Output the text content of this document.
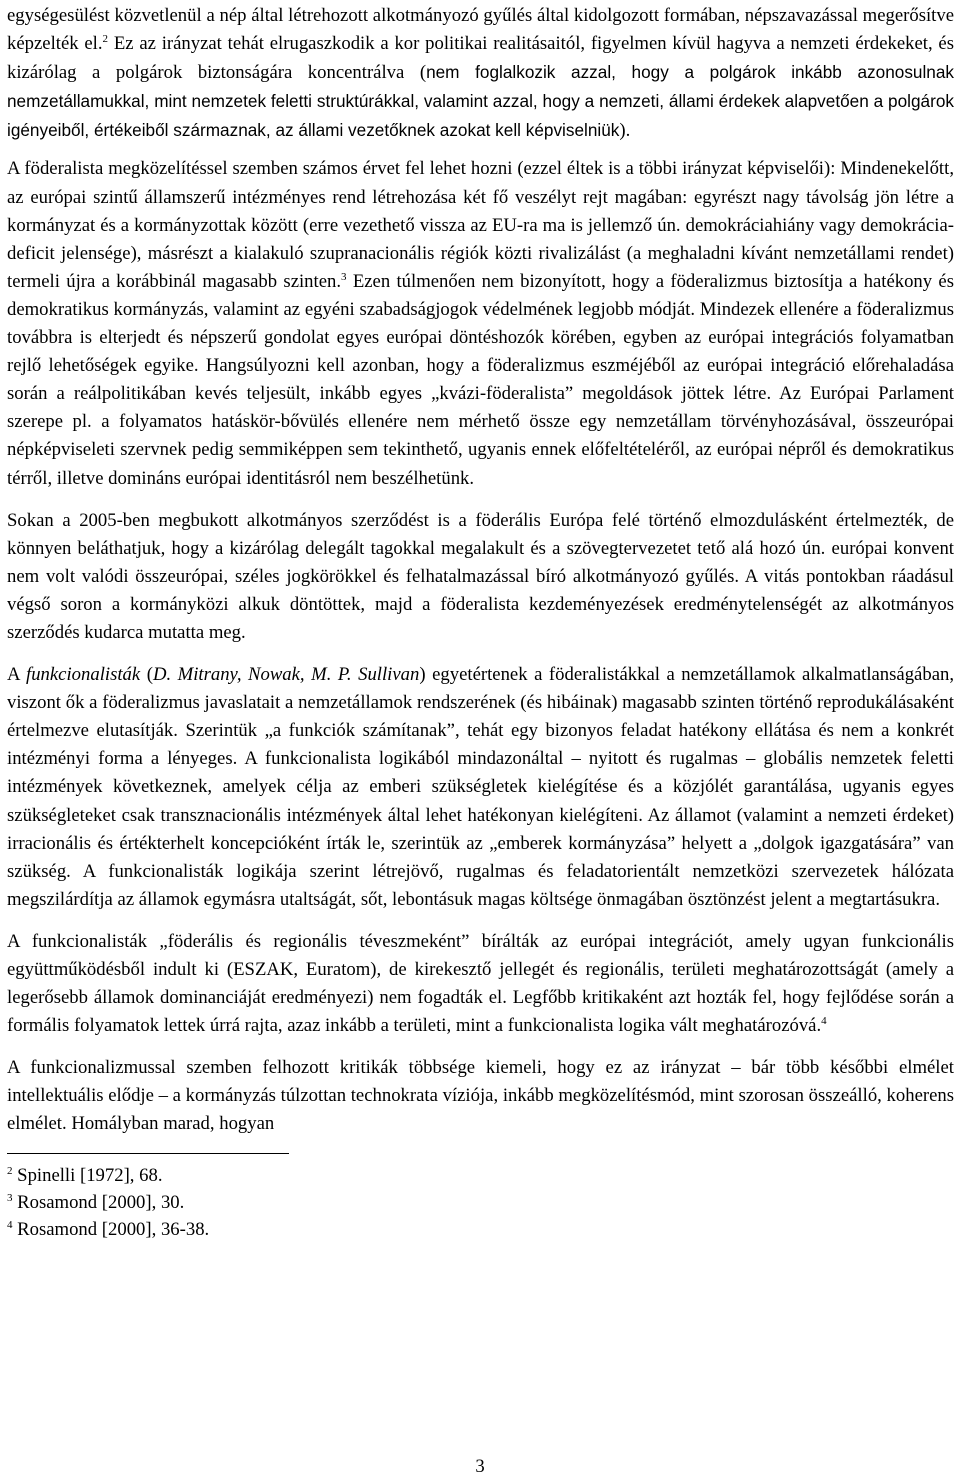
egységesülést közvetlenül a nép által létrehozott alkotmányozó gyűlés által kidolgozott formában, népszavazással megerősítve képzelték el.$^2$ Ez az irányzat tehát elrugaszkodik a kor politikai realitásaitól, figyelmen kívül hagyva a nemzeti érdekeket, és kizárólag a polgárok biztonságára koncentrálva (nem foglalkozik azzal, hogy a polgárok inkább azonosulnak nemzetállamukkal, mint nemzetek feletti struktúrákkal, valamint azzal, hogy a nemzeti, állami érdekek alapvetően a polgárok igényeiből, értékeiből származnak, az állami vezetőknek azokat kell képviselniük).

A föderalista megközelítéssel szemben számos érvet fel lehet hozni (ezzel éltek is a többi irányzat képviselői): Mindenekelőtt, az európai szintű államszerű intézményes rend létrehozása két fő veszélyt rejt magában: egyrészt nagy távolság jön létre a kormányzat és a kormányzottak között (erre vezethető vissza az EU-ra ma is jellemző ún. demokráciahiány vagy demokrácia-deficit jelensége), másrészt a kialakuló szupranacionális régiók közti rivalizálást (a meghaladni kívánt nemzetállami rendet) termeli újra a korábbinál magasabb szinten.$^3$ Ezen túlmenően nem bizonyított, hogy a föderalizmus biztosítja a hatékony és demokratikus kormányzás, valamint az egyéni szabadságjogok védelmének legjobb módját. Mindezek ellenére a föderalizmus továbbra is elterjedt és népszerű gondolat egyes európai döntéshozók körében, egyben az európai integrációs folyamatban rejlő lehetőségek egyike. Hangsúlyozni kell azonban, hogy a föderalizmus eszméjéből az európai integráció előrehaladása során a reálpolitikában kevés teljesült, inkább egyes „kvázi-föderalista” megoldások jöttek létre. Az Európai Parlament szerepe pl. a folyamatos hatáskör-bővülés ellenére nem mérhető össze egy nemzetállam törvényhozásával, összeurópai népképviseleti szervnek pedig semmiképpen sem tekinthető, ugyanis ennek előfeltételéről, az európai népről és demokratikus térről, illetve domináns európai identitásról nem beszélhetünk.

Sokan a 2005-ben megbukott alkotmányos szerződést is a föderális Európa felé történő elmozdulásként értelmezték, de könnyen beláthatjuk, hogy a kizárólag delegált tagokkal megalakult és a szövegtervezetet tető alá hozó ún. európai konvent nem volt valódi összeurópai, széles jogkörökkel és felhatalmazással bíró alkotmányozó gyűlés. A vitás pontokban ráadásul végső soron a kormányközi alkuk döntöttek, majd a föderalista kezdeményezések eredménytelenségét az alkotmányos szerződés kudarca mutatta meg.

A funkcionalisták (D. Mitrany, Nowak, M. P. Sullivan) egyetértenek a föderalistákkal a nemzetállamok alkalmatlanságában, viszont ők a föderalizmus javaslatait a nemzetállamok rendszerének (és hibáinak) magasabb szinten történő reprodukálásaként értelmezve elutasítják. Szerintük „a funkciók számítanak”, tehát egy bizonyos feladat hatékony ellátása és nem a konkrét intézményi forma a lényeges. A funkcionalista logikából mindazonáltal – nyitott és rugalmas – globális nemzetek feletti intézmények következnek, amelyek célja az emberi szükségletek kielégítése és a közjólét garantálása, ugyanis egyes szükségleteket csak transznacionális intézmények által lehet hatékonyan kielégíteni. Az államot (valamint a nemzeti érdeket) irracionális és értékterhelt koncepcióként írták le, szerintük az „emberek kormányzása” helyett a „dolgok igazgatására” van szükség. A funkcionalisták logikája szerint létrejövő, rugalmas és feladatorientált nemzetközi szervezetek hálózata megszilárdítja az államok egymásra utaltságát, sőt, lebontásuk magas költsége önmagában ösztönzést jelent a megtartásukra.

A funkcionalisták „föderális és regionális téveszmeként” bírálták az európai integrációt, amely ugyan funkcionális együttműködésből indult ki (ESZAK, Euratom), de kirekesztő jellegét és regionális, területi meghatározottságát (amely a legerősebb államok dominanciáját eredményezi) nem fogadták el. Legfőbb kritikaként azt hozták fel, hogy fejlődése során a formális folyamatok lettek úrrá rajta, azaz inkább a területi, mint a funkcionalista logika vált meghatározóvá.$^4$

A funkcionalizmussal szemben felhozott kritikák többsége kiemeli, hogy ez az irányzat – bár több későbbi elmélet intellektuális elődje – a kormányzás túlzottan technokrata víziója, inkább megközelítésmód, mint szorosan összeálló, koherens elmélet. Homályban marad, hogyan

$^2$ Spinelli [1972], 68.
$^3$ Rosamond [2000], 30.
$^4$ Rosamond [2000], 36-38.
3
